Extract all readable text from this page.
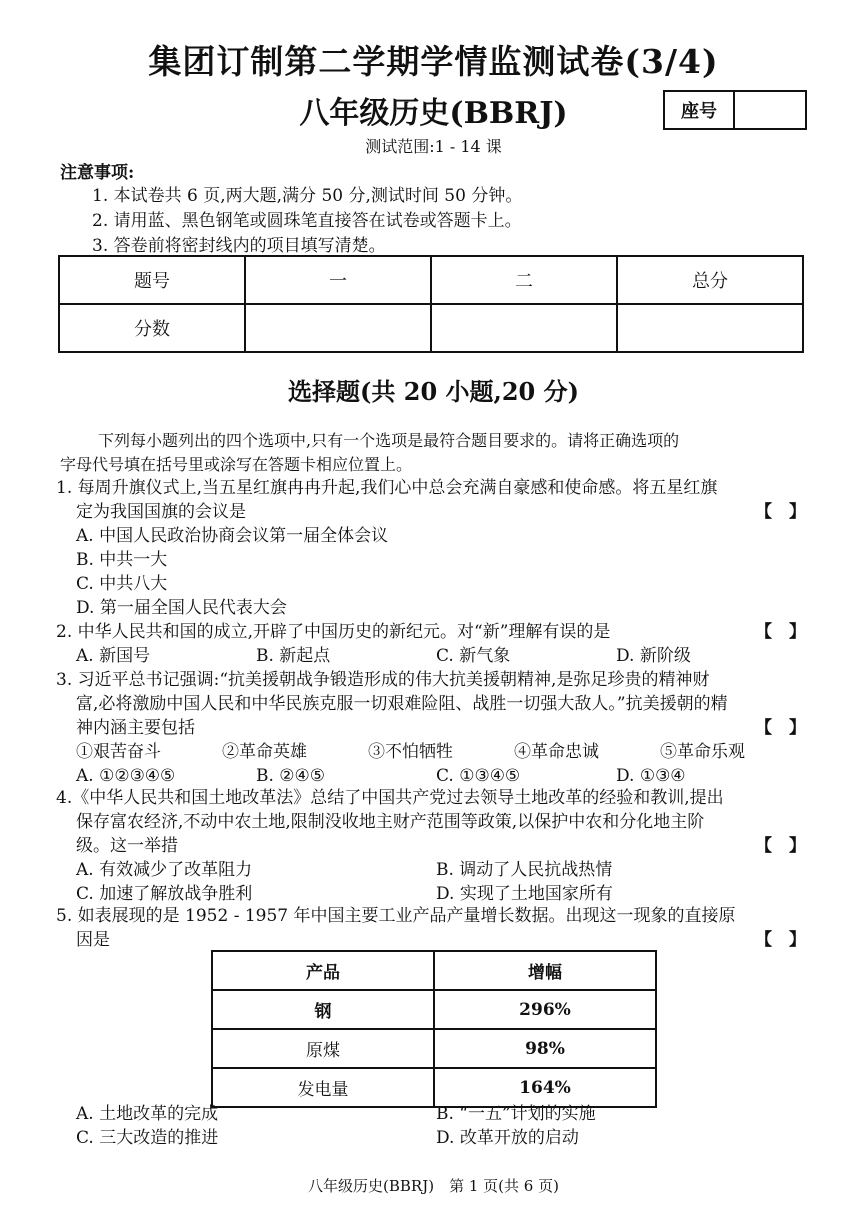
集团订制第二学期学情监测试卷(3/4)
八年级历史(BBRJ)
测试范围:1 - 14 课
座号
注意事项:
1. 本试卷共 6 页,两大题,满分 50 分,测试时间 50 分钟。
2. 请用蓝、黑色钢笔或圆珠笔直接答在试卷或答题卡上。
3. 答卷前将密封线内的项目填写清楚。
题号	一	二	总分
分数			
选择题(共 20 小题,20 分)
下列每小题列出的四个选项中,只有一个选项是最符合题目要求的。请将正确选项的
字母代号填在括号里或涂写在答题卡相应位置上。
1. 每周升旗仪式上,当五星红旗冉冉升起,我们心中总会充满自豪感和使命感。将五星红旗
定为我国国旗的会议是	【　】
A. 中国人民政治协商会议第一届全体会议
B. 中共一大
C. 中共八大
D. 第一届全国人民代表大会
2. 中华人民共和国的成立,开辟了中国历史的新纪元。对“新”理解有误的是	【　】
A. 新国号	B. 新起点	C. 新气象	D. 新阶级
3. 习近平总书记强调:“抗美援朝战争锻造形成的伟大抗美援朝精神,是弥足珍贵的精神财
富,必将激励中国人民和中华民族克服一切艰难险阻、战胜一切强大敌人。”抗美援朝的精
神内涵主要包括	【　】
①艰苦奋斗	②革命英雄	③不怕牺牲	④革命忠诚	⑤革命乐观
A. ①②③④⑤	B. ②④⑤	C. ①③④⑤	D. ①③④
4.《中华人民共和国土地改革法》总结了中国共产党过去领导土地改革的经验和教训,提出
保存富农经济,不动中农土地,限制没收地主财产范围等政策,以保护中农和分化地主阶
级。这一举措	【　】
A. 有效减少了改革阻力	B. 调动了人民抗战热情
C. 加速了解放战争胜利	D. 实现了土地国家所有
5. 如表展现的是 1952 - 1957 年中国主要工业产品产量增长数据。出现这一现象的直接原
因是	【　】
产品	增幅
钢	296%
原煤	98%
发电量	164%
A. 土地改革的完成	B. “一五”计划的实施
C. 三大改造的推进	D. 改革开放的启动
八年级历史(BBRJ)　第 1 页(共 6 页)
